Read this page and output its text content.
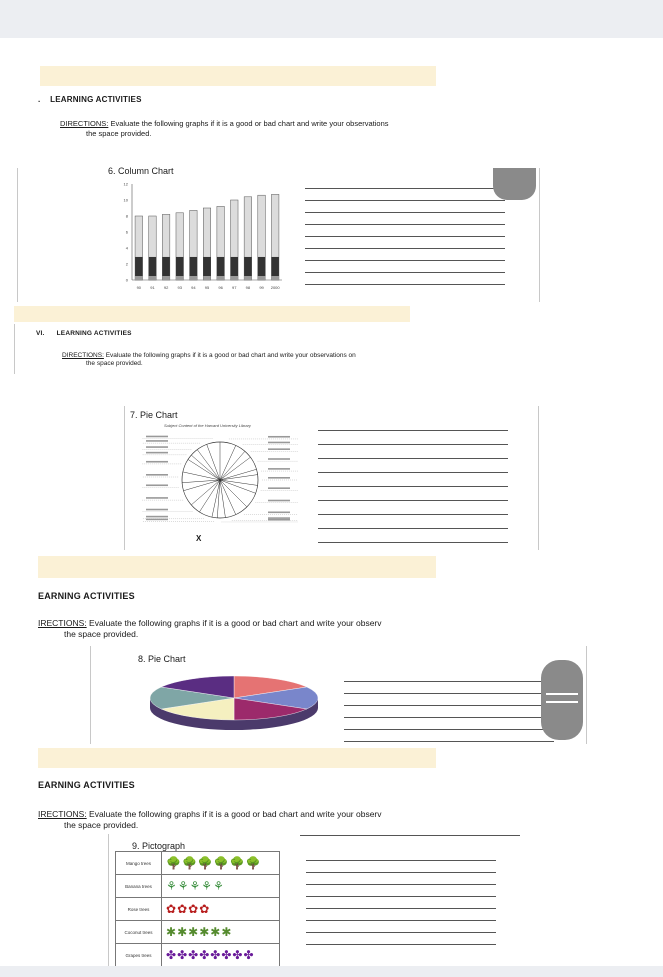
.    LEARNING ACTIVITIES
DIRECTIONS: Evaluate the following graphs if it is a good or bad chart and write your observations
the space provided.
6. Column Chart
0
2
4
6
8
10
12
90 91 92 93 94 95 96 97 98 99 2000
VI. LEARNING ACTIVITIES
DIRECTIONS: Evaluate the following graphs if it is a good or bad chart and write your observations on
the space provided.
7. Pie Chart
Subject Content of the Harvard University Library
X
EARNING ACTIVITIES
IRECTIONS: Evaluate the following graphs if it is a good or bad chart and write your observ
the space provided.
8. Pie Chart
EARNING ACTIVITIES
IRECTIONS: Evaluate the following graphs if it is a good or bad chart and write your observ
the space provided.
9. Pictograph
Mango trees	🌳🌳🌳🌳🌳🌳
Banana trees	⚘⚘⚘⚘⚘
Rose trees	✿✿✿✿
Coconut trees	✱✱✱✱✱✱
Grapes trees	✤✤✤✤✤✤✤✤
